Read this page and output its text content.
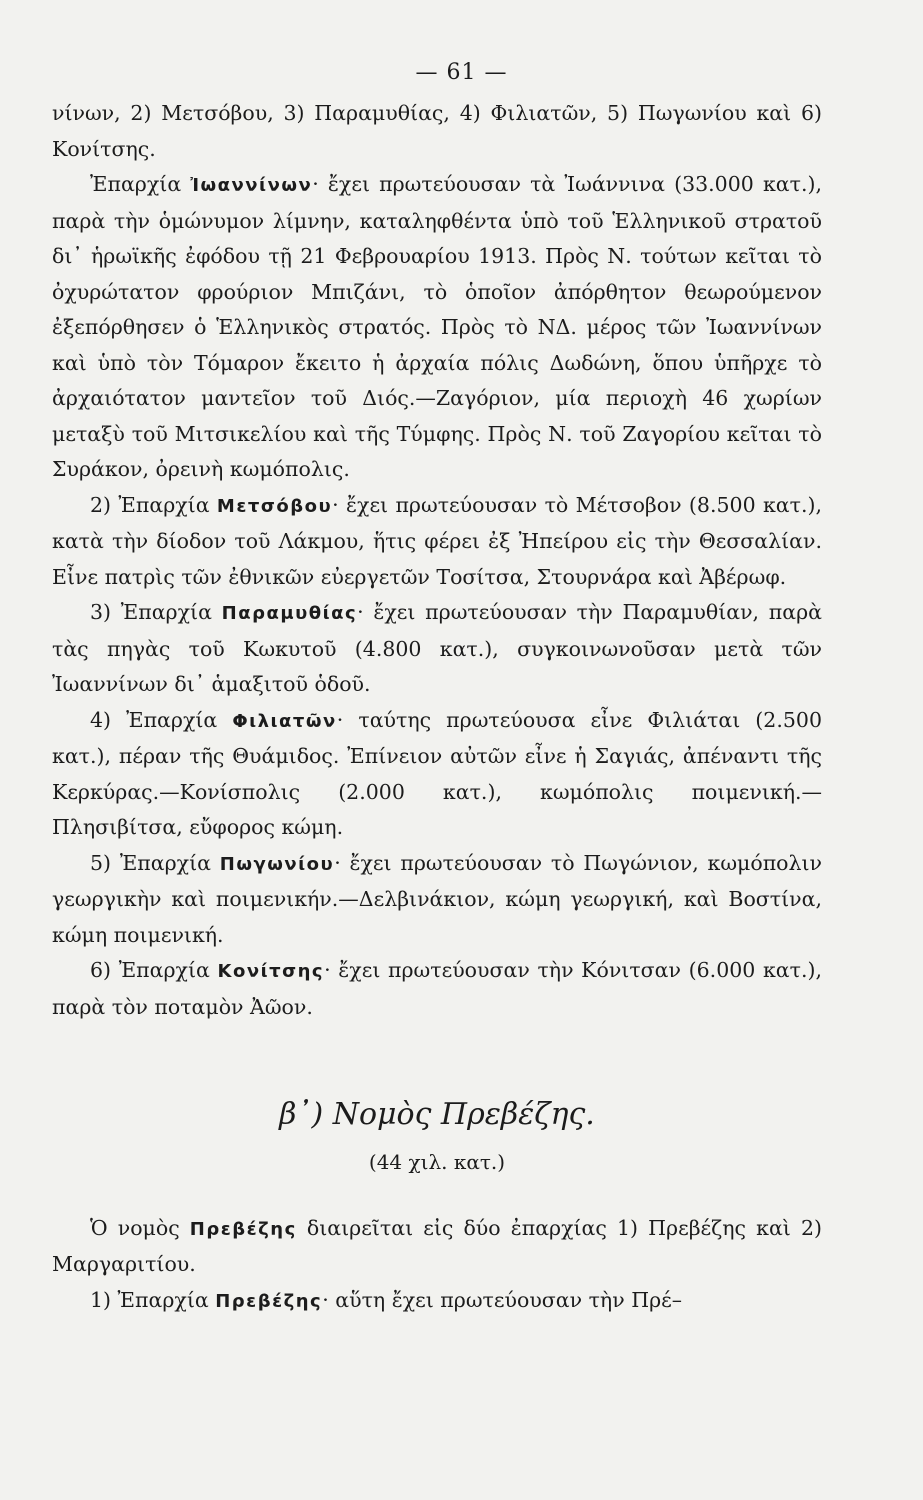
— 61 —

νίνων, 2) Μετσόβου, 3) Παραμυθίας, 4) Φιλιατῶν, 5) Πωγωνίου καὶ 6) Κονίτσης.

Ἐπαρχία Ἰωαννίνων· ἔχει πρωτεύουσαν τὰ Ἰωάννινα (33.000 κατ.), παρὰ τὴν ὁμώνυμον λίμνην, καταληφθέντα ὑπὸ τοῦ Ἑλληνικοῦ στρατοῦ δι᾽ ἡρωϊκῆς ἐφόδου τῇ 21 Φεβρουαρίου 1913. Πρὸς Ν. τούτων κεῖται τὸ ὀχυρώτατον φρούριον Μπιζάνι, τὸ ὁποῖον ἀπόρθητον θεωρούμενον ἐξεπόρθησεν ὁ Ἑλληνικὸς στρατός. Πρὸς τὸ ΝΔ. μέρος τῶν Ἰωαννίνων καὶ ὑπὸ τὸν Τόμαρον ἔκειτο ἡ ἀρχαία πόλις Δωδώνη, ὅπου ὑπῆρχε τὸ ἀρχαιότατον μαντεῖον τοῦ Διός.—Ζαγόριον, μία περιοχὴ 46 χωρίων μεταξὺ τοῦ Μιτσικελίου καὶ τῆς Τύμφης. Πρὸς Ν. τοῦ Ζαγορίου κεῖται τὸ Συράκον, ὀρεινὴ κωμόπολις.

2) Ἐπαρχία Μετσόβου· ἔχει πρωτεύουσαν τὸ Μέτσοβον (8.500 κατ.), κατὰ τὴν δίοδον τοῦ Λάκμου, ἥτις φέρει ἐξ Ἠπείρου εἰς τὴν Θεσσαλίαν. Εἶνε πατρὶς τῶν ἐθνικῶν εὐεργετῶν Τοσίτσα, Στουρνάρα καὶ Ἀβέρωφ.

3) Ἐπαρχία Παραμυθίας· ἔχει πρωτεύουσαν τὴν Παραμυθίαν, παρὰ τὰς πηγὰς τοῦ Κωκυτοῦ (4.800 κατ.), συγκοινωνοῦσαν μετὰ τῶν Ἰωαννίνων δι᾽ ἁμαξιτοῦ ὁδοῦ.

4) Ἐπαρχία Φιλιατῶν· ταύτης πρωτεύουσα εἶνε Φιλιάται (2.500 κατ.), πέραν τῆς Θυάμιδος. Ἐπίνειον αὐτῶν εἶνε ἡ Σαγιάς, ἀπέναντι τῆς Κερκύρας.—Κονίσπολις (2.000 κατ.), κωμόπολις ποιμενική.—Πλησιβίτσα, εὔφορος κώμη.

5) Ἐπαρχία Πωγωνίου· ἔχει πρωτεύουσαν τὸ Πωγώνιον, κωμόπολιν γεωργικὴν καὶ ποιμενικήν.—Δελβινάκιον, κώμη γεωργική, καὶ Βοστίνα, κώμη ποιμενική.

6) Ἐπαρχία Κονίτσης· ἔχει πρωτεύουσαν τὴν Κόνιτσαν (6.000 κατ.), παρὰ τὸν ποταμὸν Ἀῶον.

β᾽) Νομὸς Πρεβέζης.
(44 χιλ. κατ.)

Ὁ νομὸς Πρεβέζης διαιρεῖται εἰς δύο ἐπαρχίας 1) Πρεβέζης καὶ 2) Μαργαριτίου.

1) Ἐπαρχία Πρεβέζης· αὕτη ἔχει πρωτεύουσαν τὴν Πρέ–
